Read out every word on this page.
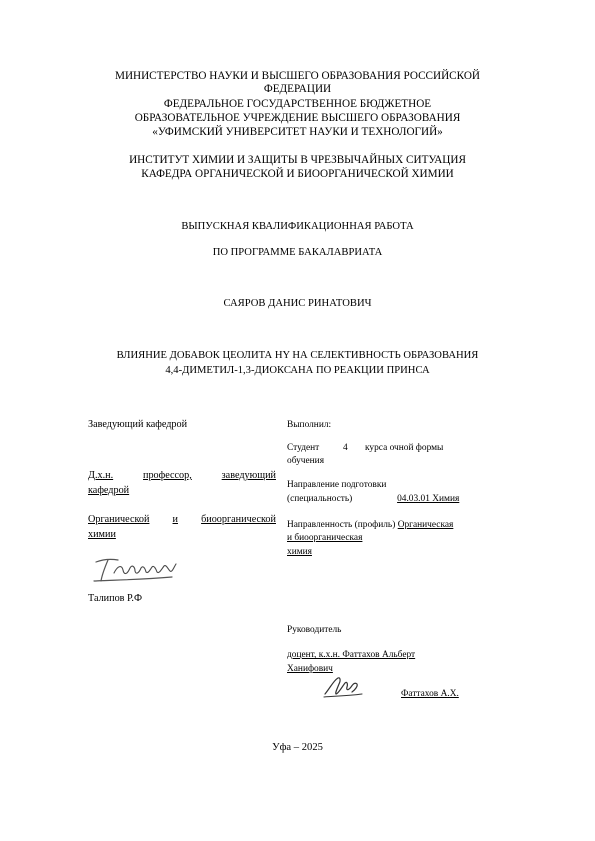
МИНИСТЕРСТВО НАУКИ И ВЫСШЕГО ОБРАЗОВАНИЯ РОССИЙСКОЙ
ФЕДЕРАЦИИ
ФЕДЕРАЛЬНОЕ ГОСУДАРСТВЕННОЕ БЮДЖЕТНОЕ
ОБРАЗОВАТЕЛЬНОЕ УЧРЕЖДЕНИЕ ВЫСШЕГО ОБРАЗОВАНИЯ
«УФИМСКИЙ УНИВЕРСИТЕТ НАУКИ И ТЕХНОЛОГИЙ»
ИНСТИТУТ ХИМИИ И ЗАЩИТЫ В ЧРЕЗВЫЧАЙНЫХ СИТУАЦИЯ
КАФЕДРА ОРГАНИЧЕСКОЙ И БИООРГАНИЧЕСКОЙ ХИМИИ
ВЫПУСКНАЯ КВАЛИФИКАЦИОННАЯ РАБОТА
ПО ПРОГРАММЕ БАКАЛАВРИАТА
САЯРОВ ДАНИС РИНАТОВИЧ
ВЛИЯНИЕ ДОБАВОК ЦЕОЛИТА HY НА СЕЛЕКТИВНОСТЬ ОБРАЗОВАНИЯ
4,4-ДИМЕТИЛ-1,3-ДИОКСАНА ПО РЕАКЦИИ ПРИНСА
Заведующий кафедрой
Д.х.н.	профессор,	заведующий
кафедрой
Органической и биоорганической
химии
Талипов Р.Ф
Выполнил:
Студент	4 курса очной формы
обучения
Направление подготовки
(специальность)	04.03.01 Химия
Направленность (профиль) Органическая
и биоорганическая
химия
Руководитель
доцент, к.х.н. Фаттахов Альберт
Ханифович
Фаттахов А.Х.
Уфа – 2025
